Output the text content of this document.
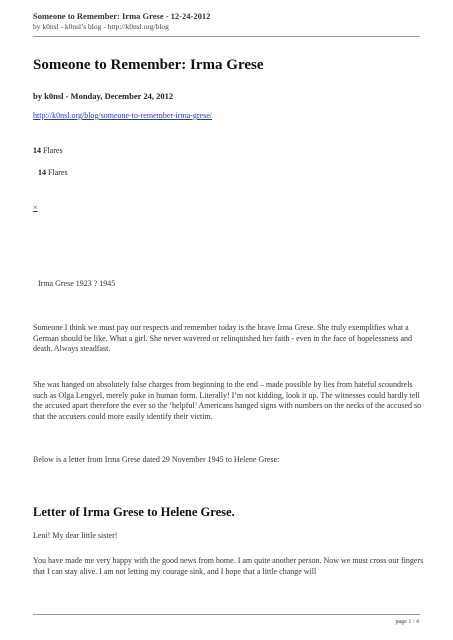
Someone to Remember: Irma Grese - 12-24-2012
by k0nsl - k0nsl’s blog - http://k0nsl.org/blog
Someone to Remember: Irma Grese
by k0nsl - Monday, December 24, 2012
http://k0nsl.org/blog/someone-to-remember-irma-grese/
14 Flares
14 Flares
×
Irma Grese 1923 ? 1945

Someone I think we must pay our respects and remember today is the brave Irma Grese. She truly exemplifies what a German should be like. What a girl. She never wavered or relinquished her faith - even in the face of hopelessness and death. Always steadfast.

She was hanged on absolutely false charges from beginning to the end – made possible by lies from hateful scoundrels such as Olga Lengyel, merely puke in human form. Literally! I’m not kidding, look it up. The witnesses could hardly tell the accused apart therefore the ever so the ‘helpful’ Americans hanged signs with numbers on the necks of the accused so that the accusers could more easily identify their victim.

Below is a letter from Irma Grese dated 29 November 1945 to Helene Grese:

Letter of Irma Grese to Helene Grese.

Leni! My dear little sister!

You have made me very happy with the good news from home. I am quite another person. Now we must cross our fingers that I can stay alive. I am not letting my courage sink, and I hope that a little change will

page 1 / 4
